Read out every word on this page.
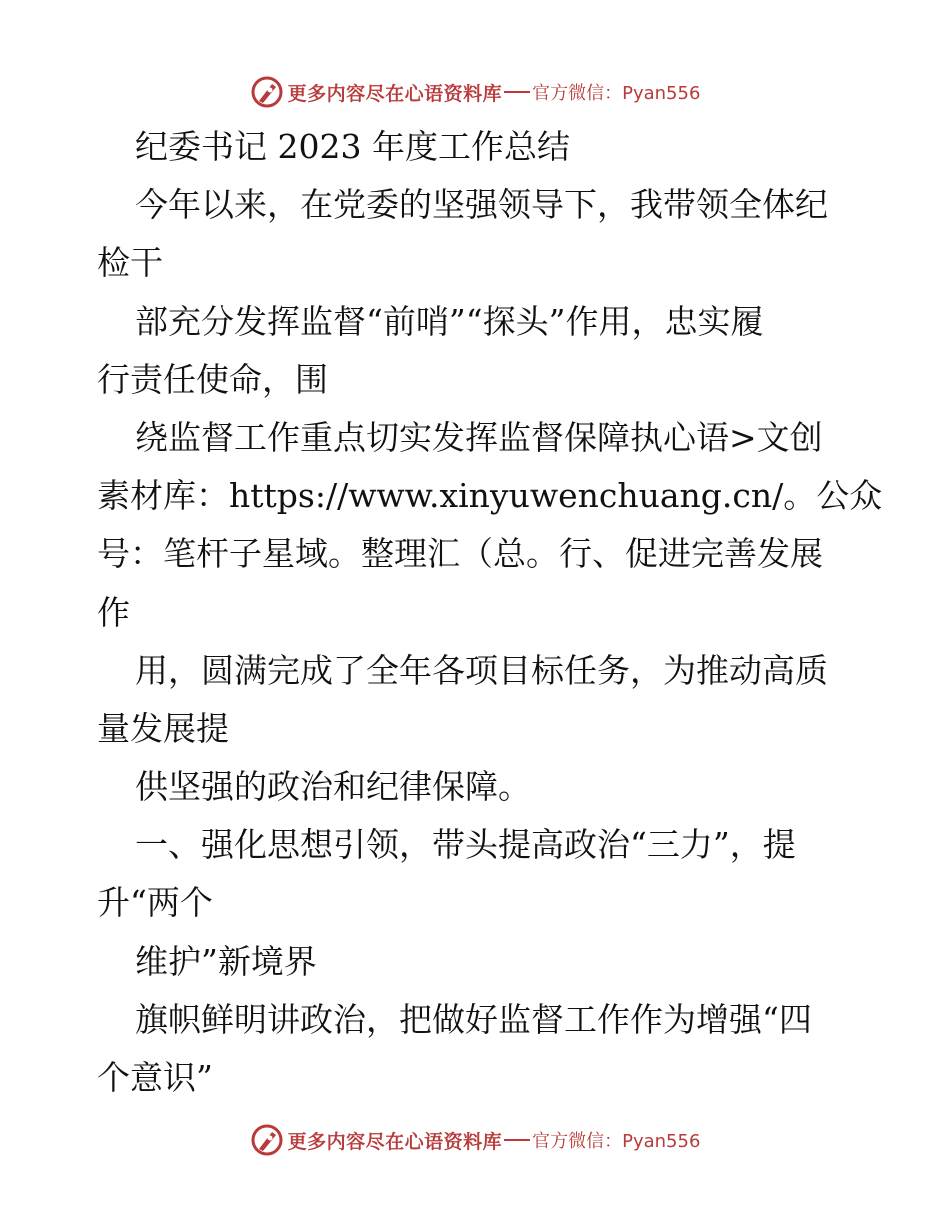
更多内容尽在心语资料库 官方微信：Pyan556
纪委书记 2023 年度工作总结
今年以来，在党委的坚强领导下，我带领全体纪
检干
部充分发挥监督“前哨”“探头”作用，忠实履
行责任使命，围
绕监督工作重点切实发挥监督保障执心语>文创
素材库：https://www.xinyuwenchuang.cn/。公众
号：笔杆子星域。整理汇（总。行、促进完善发展
作
用，圆满完成了全年各项目标任务，为推动高质
量发展提
供坚强的政治和纪律保障。
一、强化思想引领，带头提高政治“三力”，提
升“两个
维护”新境界
旗帜鲜明讲政治，把做好监督工作作为增强“四
个意识”
更多内容尽在心语资料库 官方微信：Pyan556
